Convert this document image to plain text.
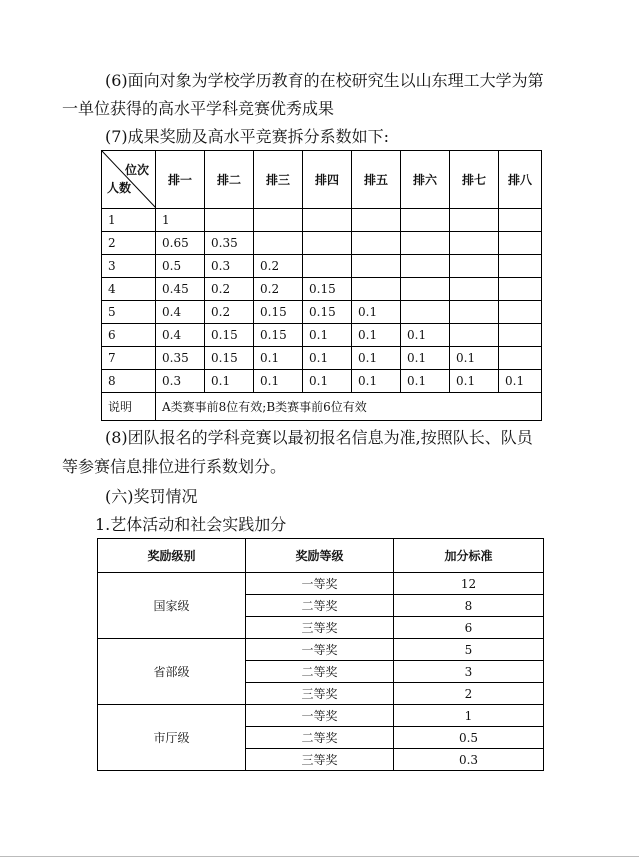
(6)面向对象为学校学历教育的在校研究生以山东理工大学为第
一单位获得的高水平学科竞赛优秀成果
(7)成果奖励及高水平竞赛拆分系数如下:
位次
人数	排一	排二	排三	排四	排五	排六	排七	排八
1	1							
2	0.65	0.35						
3	0.5	0.3	0.2					
4	0.45	0.2	0.2	0.15				
5	0.4	0.2	0.15	0.15	0.1			
6	0.4	0.15	0.15	0.1	0.1	0.1		
7	0.35	0.15	0.1	0.1	0.1	0.1	0.1	
8	0.3	0.1	0.1	0.1	0.1	0.1	0.1	0.1
说明	A类赛事前8位有效;B类赛事前6位有效							
(8)团队报名的学科竞赛以最初报名信息为准,按照队长、队员
等参赛信息排位进行系数划分。
(六)奖罚情况
1.艺体活动和社会实践加分
奖励级别	奖励等级	加分标准
国家级	一等奖	12
	二等奖	8
	三等奖	6
省部级	一等奖	5
	二等奖	3
	三等奖	2
市厅级	一等奖	1
	二等奖	0.5
	三等奖	0.3
